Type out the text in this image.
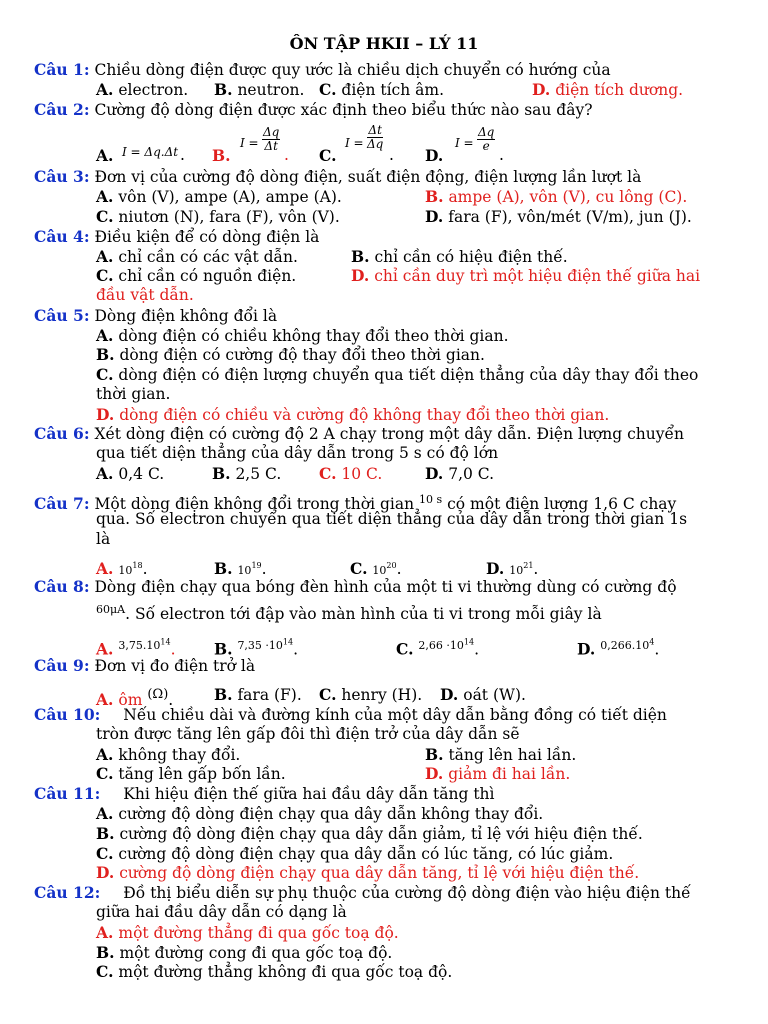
ÔN TẬP HKII – LÝ 11
Câu 1: Chiều dòng điện được quy ước là chiều dịch chuyển có hướng của
A. electron. B. neutron. C. điện tích âm.	D. điện tích dương.
Câu 2: Cường độ dòng điện được xác định theo biểu thức nào sau đây?
A. I = Δq.Δt . B.
$I = \frac{\Delta q}{\Delta t}$
. C.
$I = \frac{\Delta t}{\Delta q}$
. D.
$I = \frac{\Delta q}{e}$
.
Câu 3: Đơn vị của cường độ dòng điện, suất điện động, điện lượng lần lượt là
A. vôn (V), ampe (A), ampe (A).	B. ampe (A), vôn (V), cu lông (C).
C. niutơn (N), fara (F), vôn (V).	D. fara (F), vôn/mét (V/m), jun (J).
Câu 4: Điều kiện để có dòng điện là
A. chỉ cần có các vật dẫn.	B. chỉ cần có hiệu điện thế.
C. chỉ cần có nguồn điện.	D. chỉ cần duy trì một hiệu điện thế giữa hai
đầu vật dẫn.
Câu 5: Dòng điện không đổi là
A. dòng điện có chiều không thay đổi theo thời gian.
B. dòng điện có cường độ thay đổi theo thời gian.
C. dòng điện có điện lượng chuyển qua tiết diện thẳng của dây thay đổi theo
thời gian.
D. dòng điện có chiều và cường độ không thay đổi theo thời gian.
Câu 6: Xét dòng điện có cường độ 2 A chạy trong một dây dẫn. Điện lượng chuyển
qua tiết diện thẳng của dây dẫn trong 5 s có độ lớn
A. 0,4 C.	B. 2,5 C. C. 10 C.	D. 7,0 C.
Câu 7: Một dòng điện không đổi trong thời gian $^{10 s}$ có một điện lượng 1,6 C chạy
qua. Số electron chuyển qua tiết diện thẳng của dây dẫn trong thời gian 1s
là
A. $10^{18}$.	B. $10^{19}$.	C. $10^{20}$.	D. $10^{21}$.
Câu 8: Dòng điện chạy qua bóng đèn hình của một ti vi thường dùng có cường độ
$^{60\mu A}$. Số electron tới đập vào màn hình của ti vi trong mỗi giây là
A. $^{3,75.10^{14}}$. B. $^{7,35 \cdot 10^{14}}$.	C. $^{2,66 \cdot 10^{14}}$.	D. $^{0,266.10^4}$.
Câu 9: Đơn vị đo điện trở là
A. ôm $^{(\Omega)}$.	B. fara (F). C. henry (H). D. oát (W).
Câu 10: Nếu chiều dài và đường kính của một dây dẫn bằng đồng có tiết diện
tròn được tăng lên gấp đôi thì điện trở của dây dẫn sẽ
A. không thay đổi.	B. tăng lên hai lần.
C. tăng lên gấp bốn lần.	D. giảm đi hai lần.
Câu 11: Khi hiệu điện thế giữa hai đầu dây dẫn tăng thì
A. cường độ dòng điện chạy qua dây dẫn không thay đổi.
B. cường độ dòng điện chạy qua dây dẫn giảm, tỉ lệ với hiệu điện thế.
C. cường độ dòng điện chạy qua dây dẫn có lúc tăng, có lúc giảm.
D. cường độ dòng điện chạy qua dây dẫn tăng, tỉ lệ với hiệu điện thế.
Câu 12: Đồ thị biểu diễn sự phụ thuộc của cường độ dòng điện vào hiệu điện thế
giữa hai đầu dây dẫn có dạng là
A. một đường thẳng đi qua gốc toạ độ.
B. một đường cong đi qua gốc toạ độ.
C. một đường thẳng không đi qua gốc toạ độ.
